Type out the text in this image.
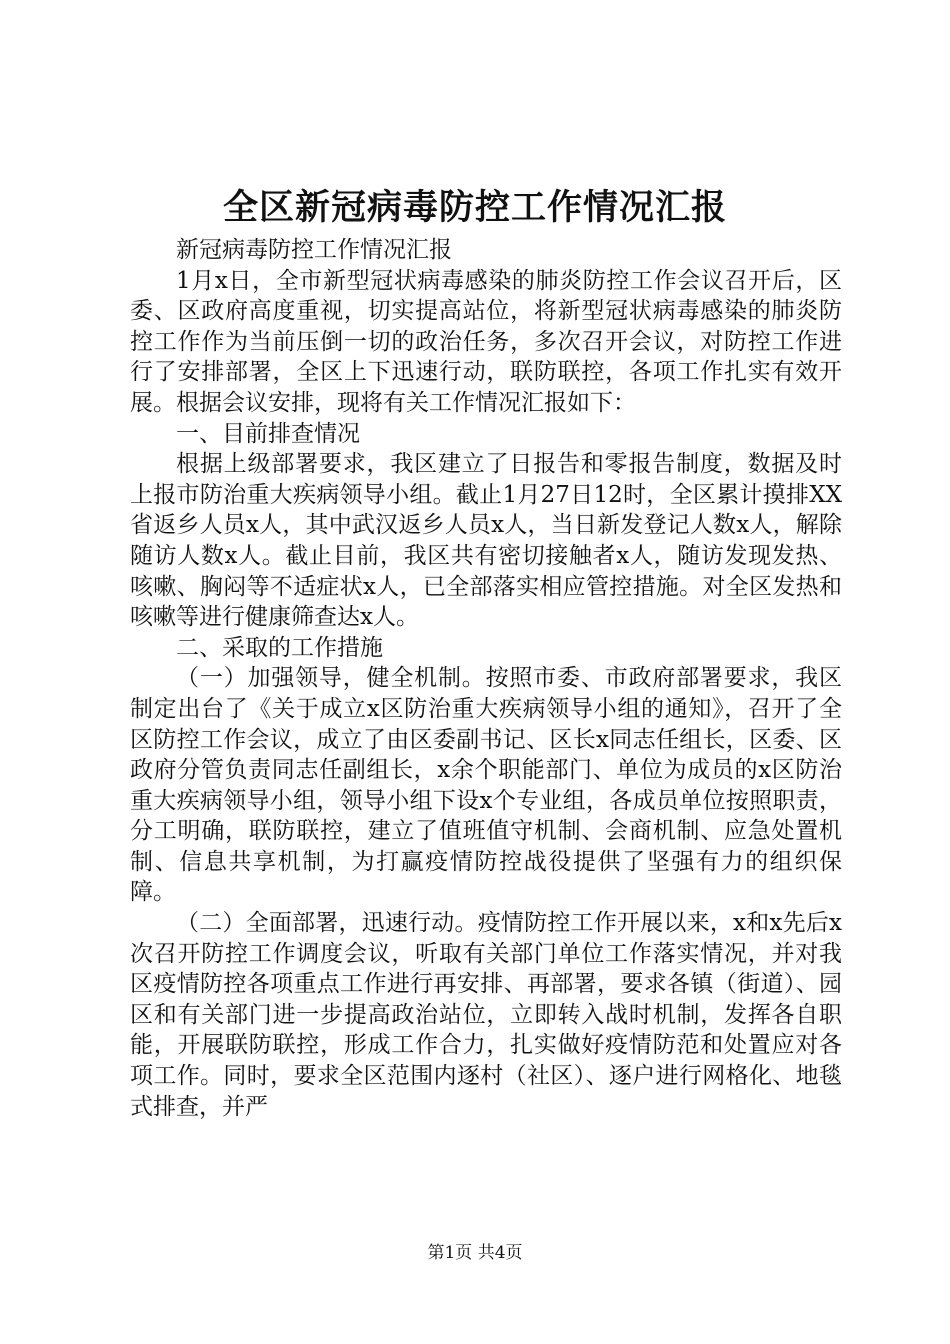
全区新冠病毒防控工作情况汇报

新冠病毒防控工作情况汇报

1月x日，全市新型冠状病毒感染的肺炎防控工作会议召开后，区委、区政府高度重视，切实提高站位，将新型冠状病毒感染的肺炎防控工作作为当前压倒一切的政治任务，多次召开会议，对防控工作进行了安排部署，全区上下迅速行动，联防联控，各项工作扎实有效开展。根据会议安排，现将有关工作情况汇报如下：

一、目前排查情况

根据上级部署要求，我区建立了日报告和零报告制度，数据及时上报市防治重大疾病领导小组。截止1月27日12时，全区累计摸排XX省返乡人员x人，其中武汉返乡人员x人，当日新发登记人数x人，解除随访人数x人。截止目前，我区共有密切接触者x人，随访发现发热、咳嗽、胸闷等不适症状x人，已全部落实相应管控措施。对全区发热和咳嗽等进行健康筛查达x人。

二、采取的工作措施

（一）加强领导，健全机制。按照市委、市政府部署要求，我区制定出台了《关于成立x区防治重大疾病领导小组的通知》，召开了全区防控工作会议，成立了由区委副书记、区长x同志任组长，区委、区政府分管负责同志任副组长，x余个职能部门、单位为成员的x区防治重大疾病领导小组，领导小组下设x个专业组，各成员单位按照职责，分工明确，联防联控，建立了值班值守机制、会商机制、应急处置机制、信息共享机制，为打赢疫情防控战役提供了坚强有力的组织保障。

（二）全面部署，迅速行动。疫情防控工作开展以来，x和x先后x次召开防控工作调度会议，听取有关部门单位工作落实情况，并对我区疫情防控各项重点工作进行再安排、再部署，要求各镇（街道）、园区和有关部门进一步提高政治站位，立即转入战时机制，发挥各自职能，开展联防联控，形成工作合力，扎实做好疫情防范和处置应对各项工作。同时，要求全区范围内逐村（社区）、逐户进行网格化、地毯式排查，并严

第1页 共4页
